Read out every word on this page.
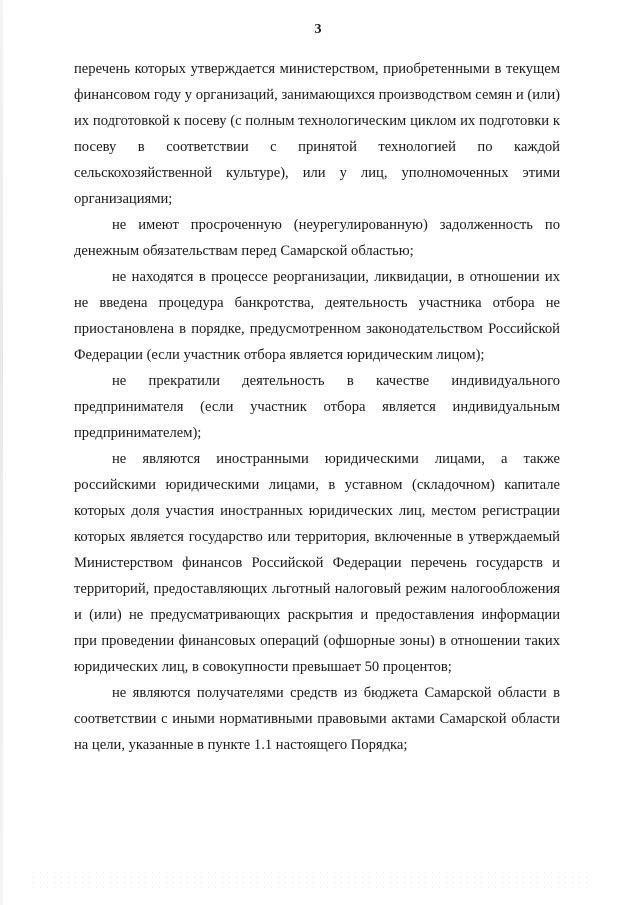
3

перечень которых утверждается министерством, приобретенными в текущем финансовом году у организаций, занимающихся производством семян и (или) их подготовкой к посеву (с полным технологическим циклом их подготовки к посеву в соответствии с принятой технологией по каждой сельскохозяйственной культуре), или у лиц, уполномоченных этими организациями;

не имеют просроченную (неурегулированную) задолженность по денежным обязательствам перед Самарской областью;

не находятся в процессе реорганизации, ликвидации, в отношении их не введена процедура банкротства, деятельность участника отбора не приостановлена в порядке, предусмотренном законодательством Российской Федерации (если участник отбора является юридическим лицом);

не прекратили деятельность в качестве индивидуального предпринимателя (если участник отбора является индивидуальным предпринимателем);

не являются иностранными юридическими лицами, а также российскими юридическими лицами, в уставном (складочном) капитале которых доля участия иностранных юридических лиц, местом регистрации которых является государство или территория, включенные в утверждаемый Министерством финансов Российской Федерации перечень государств и территорий, предоставляющих льготный налоговый режим налогообложения и (или) не предусматривающих раскрытия и предоставления информации при проведении финансовых операций (офшорные зоны) в отношении таких юридических лиц, в совокупности превышает 50 процентов;

не являются получателями средств из бюджета Самарской области в соответствии с иными нормативными правовыми актами Самарской области на цели, указанные в пункте 1.1 настоящего Порядка;
